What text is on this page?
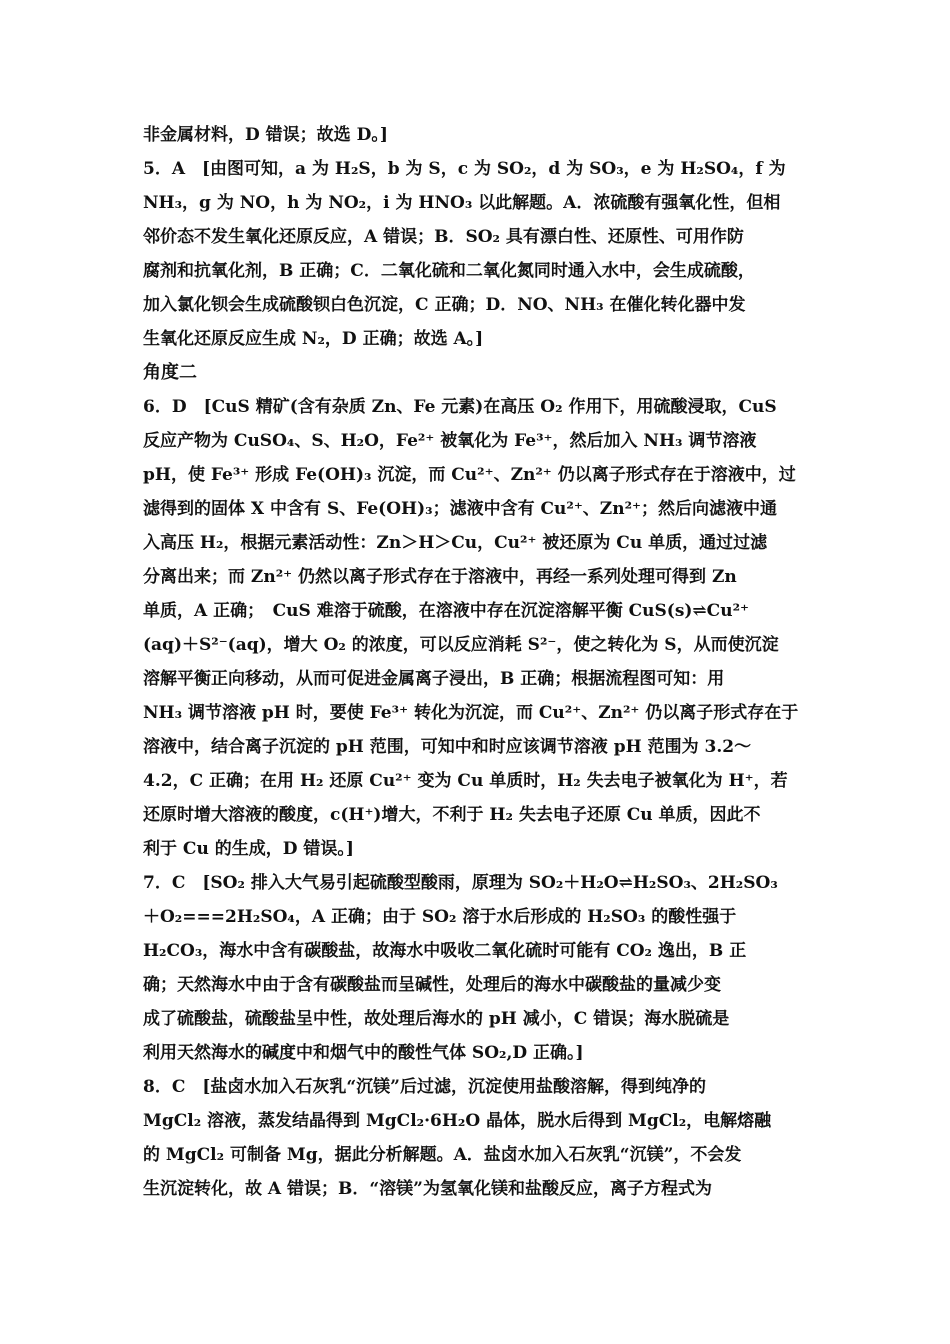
非金属材料，D 错误；故选 D。]
5．A　[由图可知，a 为 H₂S，b 为 S，c 为 SO₂，d 为 SO₃，e 为 H₂SO₄，f 为
NH₃，g 为 NO，h 为 NO₂，i 为 HNO₃ 以此解题。A．浓硫酸有强氧化性，但相
邻价态不发生氧化还原反应，A 错误；B．SO₂ 具有漂白性、还原性、可用作防
腐剂和抗氧化剂，B 正确；C．二氧化硫和二氧化氮同时通入水中，会生成硫酸，
加入氯化钡会生成硫酸钡白色沉淀，C 正确；D．NO、NH₃ 在催化转化器中发
生氧化还原反应生成 N₂，D 正确；故选 A。]
角度二
6．D　[CuS 精矿(含有杂质 Zn、Fe 元素)在高压 O₂ 作用下，用硫酸浸取，CuS
反应产物为 CuSO₄、S、H₂O，Fe²⁺ 被氧化为 Fe³⁺，然后加入 NH₃ 调节溶液
pH，使 Fe³⁺ 形成 Fe(OH)₃ 沉淀，而 Cu²⁺、Zn²⁺ 仍以离子形式存在于溶液中，过
滤得到的固体 X 中含有 S、Fe(OH)₃；滤液中含有 Cu²⁺、Zn²⁺；然后向滤液中通
入高压 H₂，根据元素活动性：Zn＞H＞Cu，Cu²⁺ 被还原为 Cu 单质，通过过滤
分离出来；而 Zn²⁺ 仍然以离子形式存在于溶液中，再经一系列处理可得到 Zn
单质，A 正确；　CuS 难溶于硫酸，在溶液中存在沉淀溶解平衡 CuS(s)⇌Cu²⁺
(aq)＋S²⁻(aq)，增大 O₂ 的浓度，可以反应消耗 S²⁻，使之转化为 S，从而使沉淀
溶解平衡正向移动，从而可促进金属离子浸出，B 正确；根据流程图可知：用
NH₃ 调节溶液 pH 时，要使 Fe³⁺ 转化为沉淀，而 Cu²⁺、Zn²⁺ 仍以离子形式存在于
溶液中，结合离子沉淀的 pH 范围，可知中和时应该调节溶液 pH 范围为 3.2～
4.2，C 正确；在用 H₂ 还原 Cu²⁺ 变为 Cu 单质时，H₂ 失去电子被氧化为 H⁺，若
还原时增大溶液的酸度，c(H⁺)增大，不利于 H₂ 失去电子还原 Cu 单质，因此不
利于 Cu 的生成，D 错误。]
7．C　[SO₂ 排入大气易引起硫酸型酸雨，原理为 SO₂＋H₂O⇌H₂SO₃、2H₂SO₃
＋O₂===2H₂SO₄，A 正确；由于 SO₂ 溶于水后形成的 H₂SO₃ 的酸性强于
H₂CO₃，海水中含有碳酸盐，故海水中吸收二氧化硫时可能有 CO₂ 逸出，B 正
确；天然海水中由于含有碳酸盐而呈碱性，处理后的海水中碳酸盐的量减少变
成了硫酸盐，硫酸盐呈中性，故处理后海水的 pH 减小，C 错误；海水脱硫是
利用天然海水的碱度中和烟气中的酸性气体 SO₂,D 正确。]
8．C　[盐卤水加入石灰乳“沉镁”后过滤，沉淀使用盐酸溶解，得到纯净的
MgCl₂ 溶液，蒸发结晶得到 MgCl₂·6H₂O 晶体，脱水后得到 MgCl₂，电解熔融
的 MgCl₂ 可制备 Mg，据此分析解题。A．盐卤水加入石灰乳“沉镁”，不会发
生沉淀转化，故 A 错误；B．“溶镁”为氢氧化镁和盐酸反应，离子方程式为
